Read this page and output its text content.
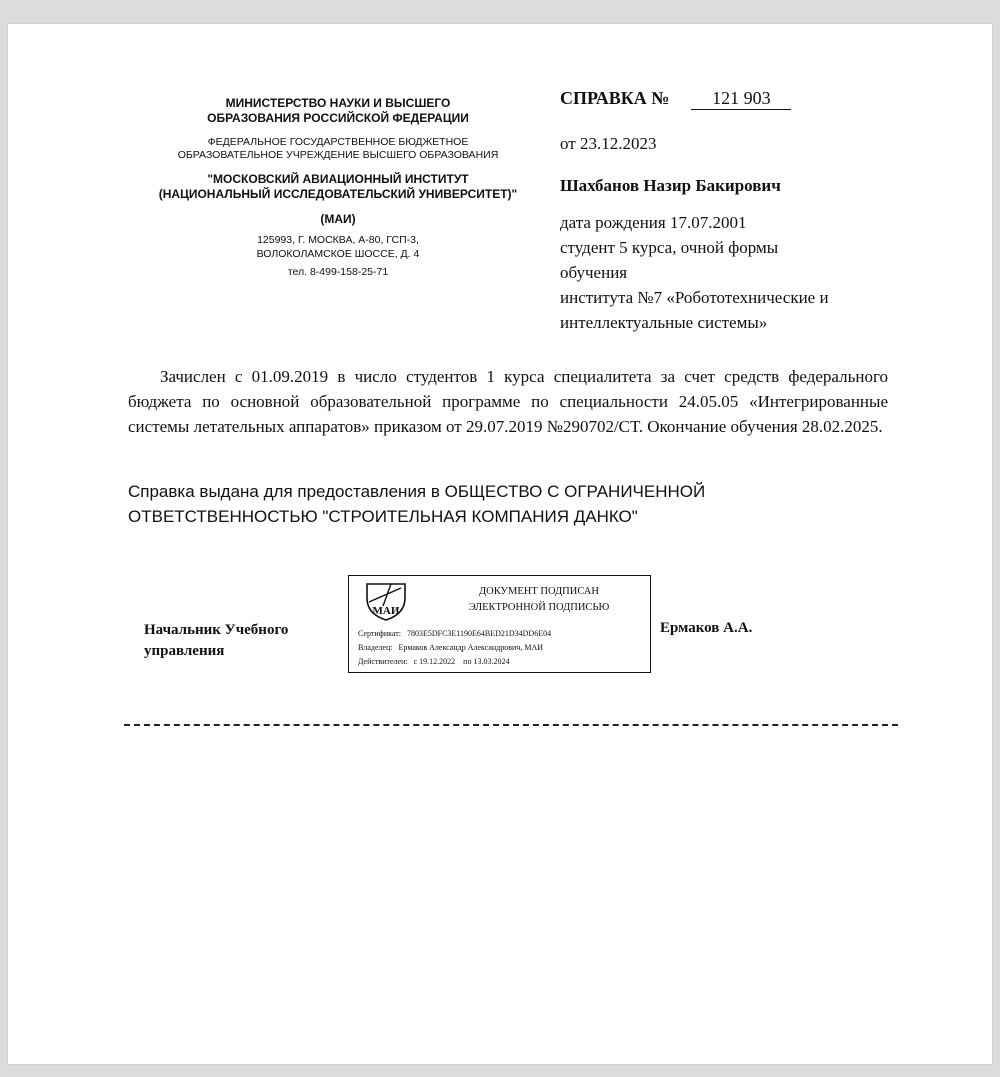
МИНИСТЕРСТВО НАУКИ И ВЫСШЕГО
ОБРАЗОВАНИЯ РОССИЙСКОЙ ФЕДЕРАЦИИ
ФЕДЕРАЛЬНОЕ ГОСУДАРСТВЕННОЕ БЮДЖЕТНОЕ
ОБРАЗОВАТЕЛЬНОЕ УЧРЕЖДЕНИЕ ВЫСШЕГО ОБРАЗОВАНИЯ
"МОСКОВСКИЙ АВИАЦИОННЫЙ ИНСТИТУТ
(НАЦИОНАЛЬНЫЙ ИССЛЕДОВАТЕЛЬСКИЙ УНИВЕРСИТЕТ)"
(МАИ)
125993, Г. МОСКВА, А-80, ГСП-3,
ВОЛОКОЛАМСКОЕ ШОССЕ, Д. 4
тел. 8-499-158-25-71
СПРАВКА № 121 903
от 23.12.2023
Шахбанов Назир Бакирович
дата рождения 17.07.2001
студент 5 курса, очной формы
обучения
института №7 «Робототехнические и
интеллектуальные системы»
Зачислен с 01.09.2019 в число студентов 1 курса специалитета за счет средств федерального бюджета по основной образовательной программе по специальности 24.05.05 «Интегрированные системы летательных аппаратов» приказом от 29.07.2019 №290702/СТ. Окончание обучения 28.02.2025.
Справка выдана для предоставления в ОБЩЕСТВО С ОГРАНИЧЕННОЙ ОТВЕТСТВЕННОСТЬЮ "СТРОИТЕЛЬНАЯ КОМПАНИЯ ДАНКО"
Начальник Учебного
управления
МАИ
ДОКУМЕНТ ПОДПИСАН
ЭЛЕКТРОННОЙ ПОДПИСЬЮ
Сертификат: 7803E5DFC3E1190E64BED21D34DD6E04
Владелец: Ермаков Александр Александрович, МАИ
Действителен: с 19.12.2022 по 13.03.2024
Ермаков А.А.
